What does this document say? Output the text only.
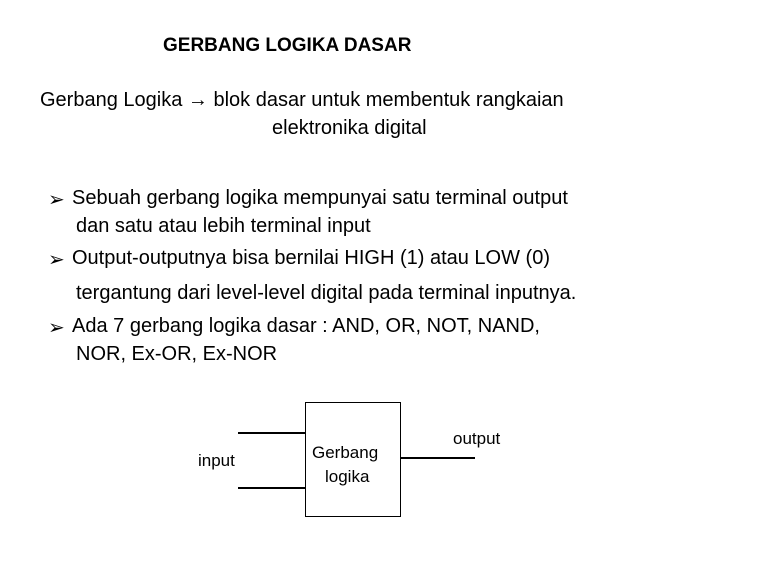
GERBANG LOGIKA DASAR
Gerbang Logika → blok dasar untuk membentuk rangkaian
elektronika digital
➢ Sebuah gerbang logika mempunyai satu terminal output
dan satu atau lebih terminal input
➢ Output-outputnya bisa bernilai HIGH (1) atau LOW (0)
tergantung dari level-level digital pada terminal inputnya.
➢ Ada 7 gerbang logika dasar : AND, OR, NOT, NAND,
NOR, Ex-OR, Ex-NOR
input
output
Gerbang
logika
